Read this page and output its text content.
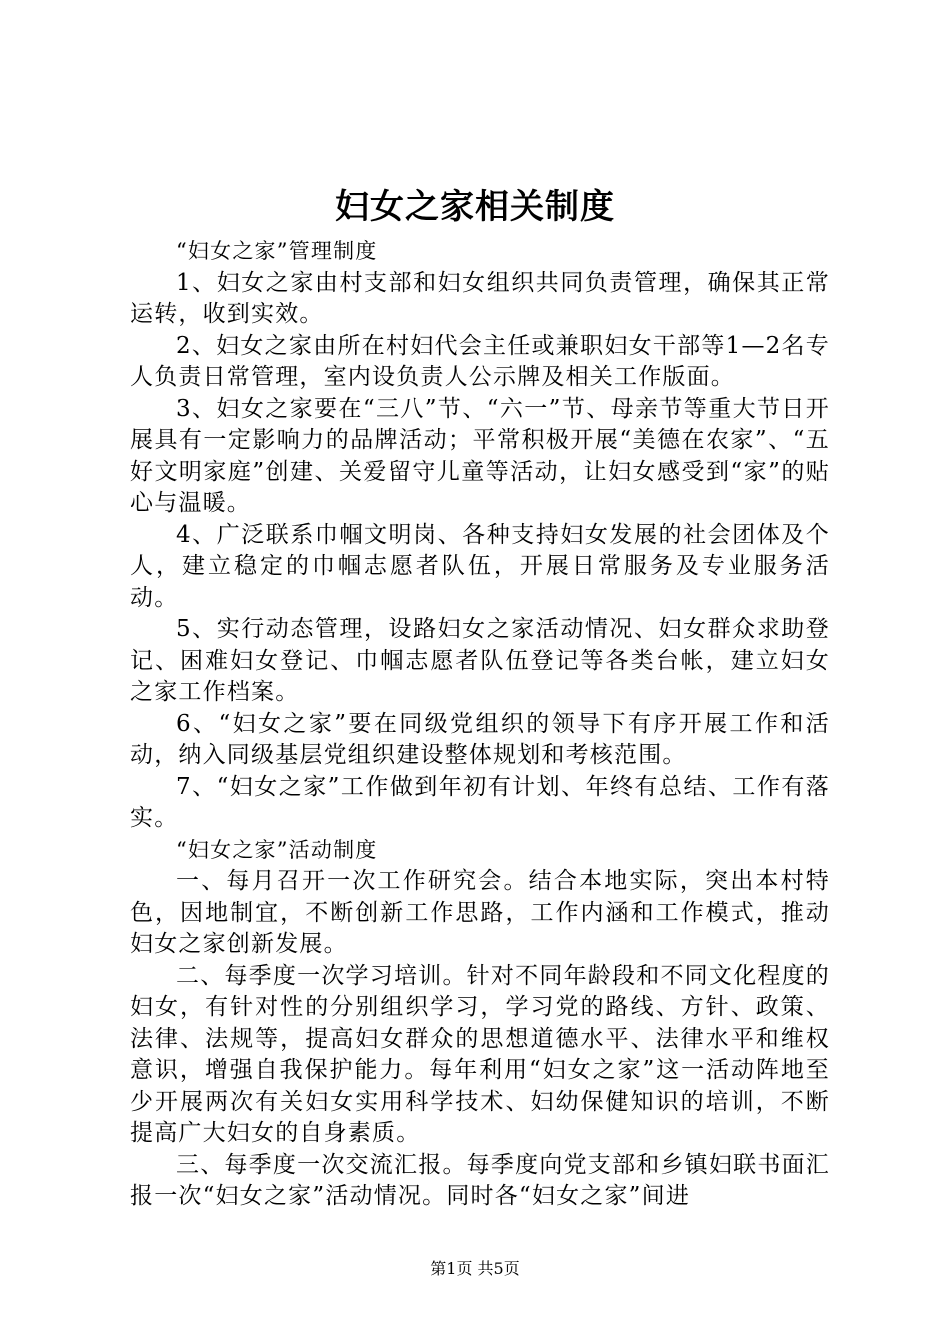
妇女之家相关制度

“妇女之家”管理制度

1、妇女之家由村支部和妇女组织共同负责管理，确保其正常运转，收到实效。

2、妇女之家由所在村妇代会主任或兼职妇女干部等1—2名专人负责日常管理，室内设负责人公示牌及相关工作版面。

3、妇女之家要在“三八”节、“六一”节、母亲节等重大节日开展具有一定影响力的品牌活动；平常积极开展“美德在农家”、“五好文明家庭”创建、关爱留守儿童等活动，让妇女感受到“家”的贴心与温暖。

4、广泛联系巾帼文明岗、各种支持妇女发展的社会团体及个人，建立稳定的巾帼志愿者队伍，开展日常服务及专业服务活动。

5、实行动态管理，设路妇女之家活动情况、妇女群众求助登记、困难妇女登记、巾帼志愿者队伍登记等各类台帐，建立妇女之家工作档案。

6、“妇女之家”要在同级党组织的领导下有序开展工作和活动，纳入同级基层党组织建设整体规划和考核范围。

7、“妇女之家”工作做到年初有计划、年终有总结、工作有落实。

“妇女之家”活动制度

一、每月召开一次工作研究会。结合本地实际，突出本村特色，因地制宜，不断创新工作思路，工作内涵和工作模式，推动妇女之家创新发展。

二、每季度一次学习培训。针对不同年龄段和不同文化程度的妇女，有针对性的分别组织学习，学习党的路线、方针、政策、法律、法规等，提高妇女群众的思想道德水平、法律水平和维权意识，增强自我保护能力。每年利用“妇女之家”这一活动阵地至少开展两次有关妇女实用科学技术、妇幼保健知识的培训，不断提高广大妇女的自身素质。

三、每季度一次交流汇报。每季度向党支部和乡镇妇联书面汇报一次“妇女之家”活动情况。同时各“妇女之家”间进

第1页 共5页
